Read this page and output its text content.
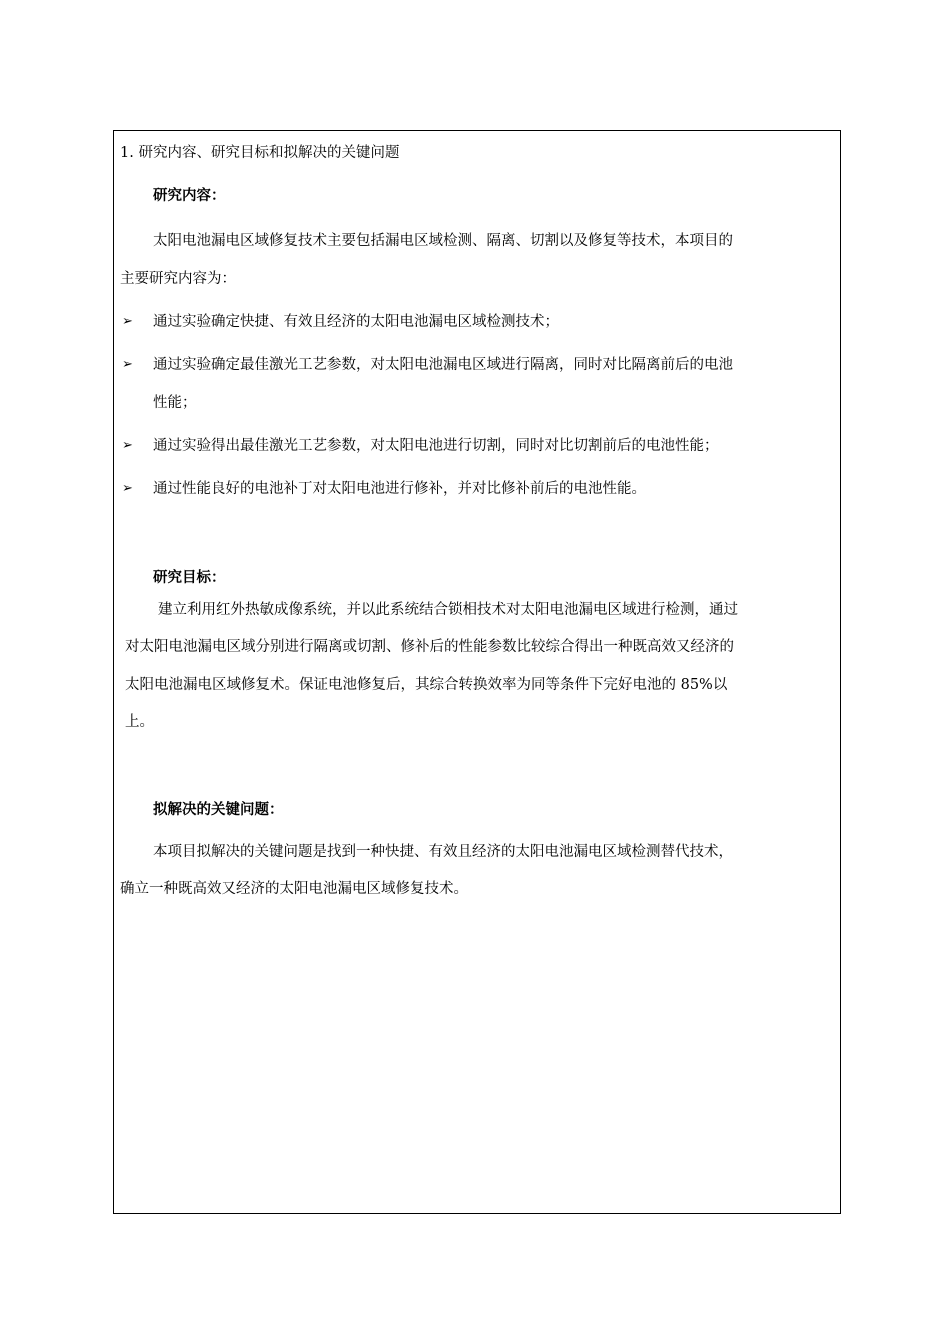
1. 研究内容、研究目标和拟解决的关键问题
研究内容：
太阳电池漏电区域修复技术主要包括漏电区域检测、隔离、切割以及修复等技术，本项目的
主要研究内容为：
➢ 通过实验确定快捷、有效且经济的太阳电池漏电区域检测技术；
➢ 通过实验确定最佳激光工艺参数，对太阳电池漏电区域进行隔离，同时对比隔离前后的电池
性能；
➢ 通过实验得出最佳激光工艺参数，对太阳电池进行切割，同时对比切割前后的电池性能；
➢ 通过性能良好的电池补丁对太阳电池进行修补，并对比修补前后的电池性能。
研究目标：
建立利用红外热敏成像系统，并以此系统结合锁相技术对太阳电池漏电区域进行检测，通过
对太阳电池漏电区域分别进行隔离或切割、修补后的性能参数比较综合得出一种既高效又经济的
太阳电池漏电区域修复术。保证电池修复后，其综合转换效率为同等条件下完好电池的 85%以
上。
拟解决的关键问题：
本项目拟解决的关键问题是找到一种快捷、有效且经济的太阳电池漏电区域检测替代技术，
确立一种既高效又经济的太阳电池漏电区域修复技术。
